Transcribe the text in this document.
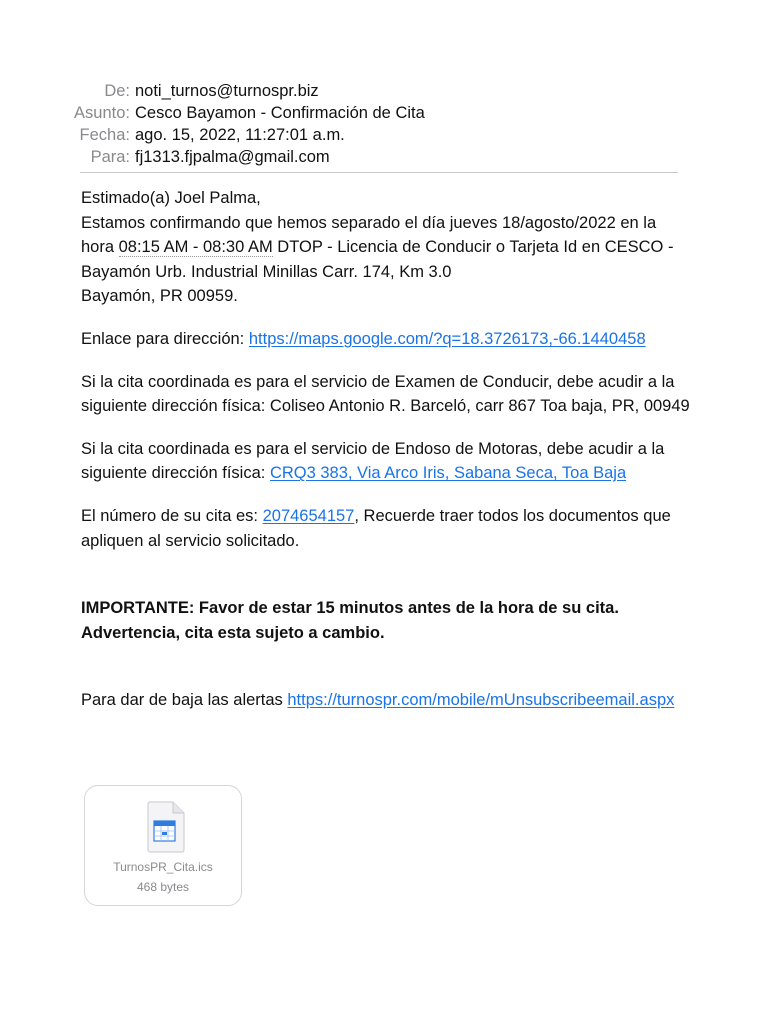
De: noti_turnos@turnospr.biz
Asunto: Cesco Bayamon - Confirmación de Cita
Fecha: ago. 15, 2022, 11:27:01 a.m.
Para: fj1313.fjpalma@gmail.com

Estimado(a) Joel Palma,

Estamos confirmando que hemos separado el día jueves 18/agosto/2022 en la hora 08:15 AM - 08:30 AM DTOP - Licencia de Conducir o Tarjeta Id en CESCO - Bayamón Urb. Industrial Minillas Carr. 174, Km 3.0

Bayamón, PR 00959.

Enlace para dirección: https://maps.google.com/?q=18.3726173,-66.1440458

Si la cita coordinada es para el servicio de Examen de Conducir, debe acudir a la siguiente dirección física: Coliseo Antonio R. Barceló, carr 867 Toa baja, PR, 00949

Si la cita coordinada es para el servicio de Endoso de Motoras, debe acudir a la siguiente dirección física: CRQ3 383, Via Arco Iris, Sabana Seca, Toa Baja

El número de su cita es: 2074654157, Recuerde traer todos los documentos que apliquen al servicio solicitado.

IMPORTANTE: Favor de estar 15 minutos antes de la hora de su cita.

Advertencia, cita esta sujeto a cambio.

Para dar de baja las alertas https://turnospr.com/mobile/mUnsubscribeemail.aspx

TurnosPR_Cita.ics
468 bytes
